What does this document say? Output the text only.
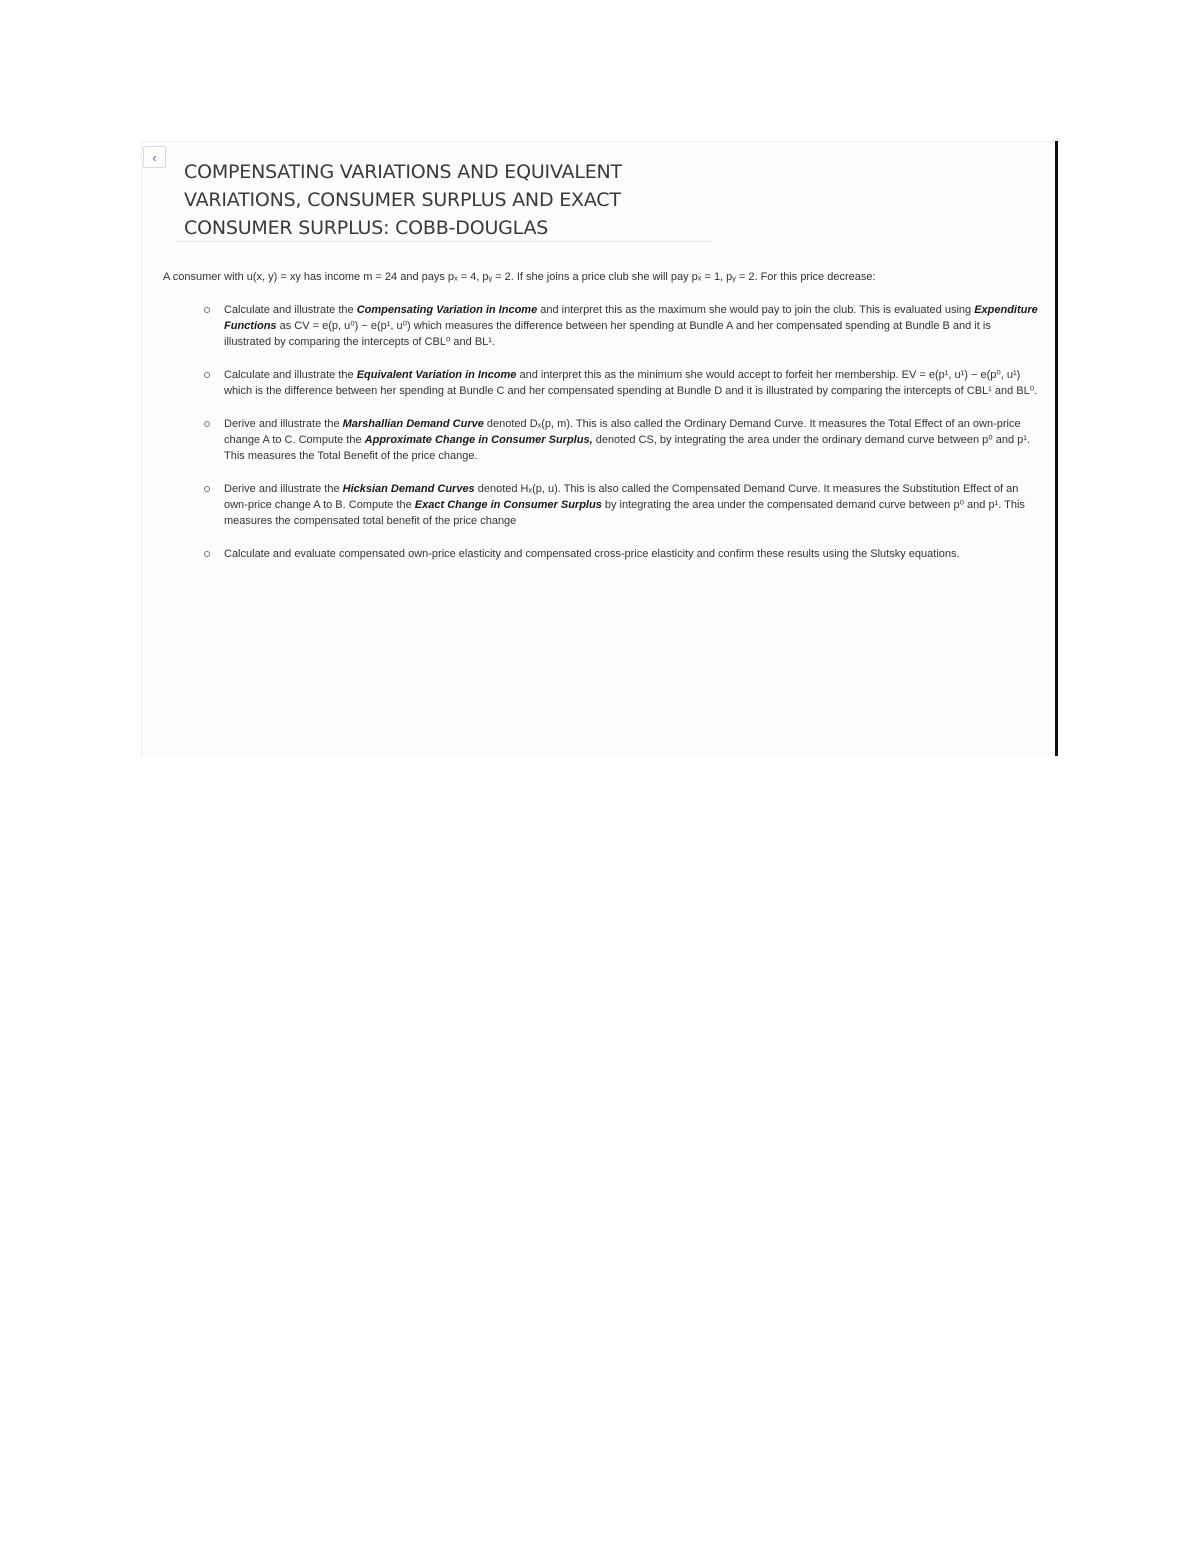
‹
COMPENSATING VARIATIONS AND EQUIVALENT VARIATIONS, CONSUMER SURPLUS AND EXACT CONSUMER SURPLUS: COBB-DOUGLAS

A consumer with u(x, y) = xy has income m = 24 and pays pₓ = 4, pᵧ = 2. If she joins a price club she will pay pₓ = 1, pᵧ = 2. For this price decrease:

Calculate and illustrate the Compensating Variation in Income and interpret this as the maximum she would pay to join the club. This is evaluated using Expenditure Functions as CV = e(p, u⁰) − e(p¹, u⁰) which measures the difference between her spending at Bundle A and her compensated spending at Bundle B and it is illustrated by comparing the intercepts of CBL⁰ and BL¹.
Calculate and illustrate the Equivalent Variation in Income and interpret this as the minimum she would accept to forfeit her membership. EV = e(p¹, u¹) − e(p⁰, u¹) which is the difference between her spending at Bundle C and her compensated spending at Bundle D and it is illustrated by comparing the intercepts of CBL¹ and BL⁰.
Derive and illustrate the Marshallian Demand Curve denoted Dₓ(p, m). This is also called the Ordinary Demand Curve. It measures the Total Effect of an own-price change A to C. Compute the Approximate Change in Consumer Surplus, denoted CS, by integrating the area under the ordinary demand curve between p⁰ and p¹. This measures the Total Benefit of the price change.
Derive and illustrate the Hicksian Demand Curves denoted Hₓ(p, u). This is also called the Compensated Demand Curve. It measures the Substitution Effect of an own-price change A to B. Compute the Exact Change in Consumer Surplus by integrating the area under the compensated demand curve between p⁰ and p¹. This measures the compensated total benefit of the price change
Calculate and evaluate compensated own-price elasticity and compensated cross-price elasticity and confirm these results using the Slutsky equations.
